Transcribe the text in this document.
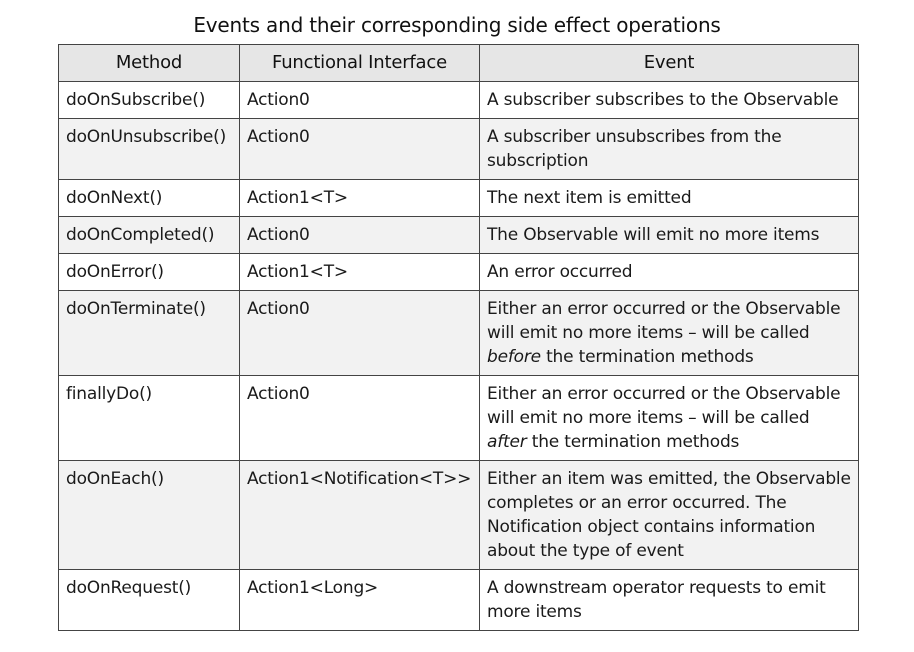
Events and their corresponding side effect operations
Method	Functional Interface	Event
doOnSubscribe()	Action0	A subscriber subscribes to the Observable
doOnUnsubscribe()	Action0	A subscriber unsubscribes from the subscription
doOnNext()	Action1<T>	The next item is emitted
doOnCompleted()	Action0	The Observable will emit no more items
doOnError()	Action1<T>	An error occurred
doOnTerminate()	Action0	Either an error occurred or the Observable will emit no more items – will be called before the termination methods
finallyDo()	Action0	Either an error occurred or the Observable will emit no more items – will be called after the termination methods
doOnEach()	Action1<Notification<T>>	Either an item was emitted, the Observable completes or an error occurred. The Notification object contains information about the type of event
doOnRequest()	Action1<Long>	A downstream operator requests to emit more items
